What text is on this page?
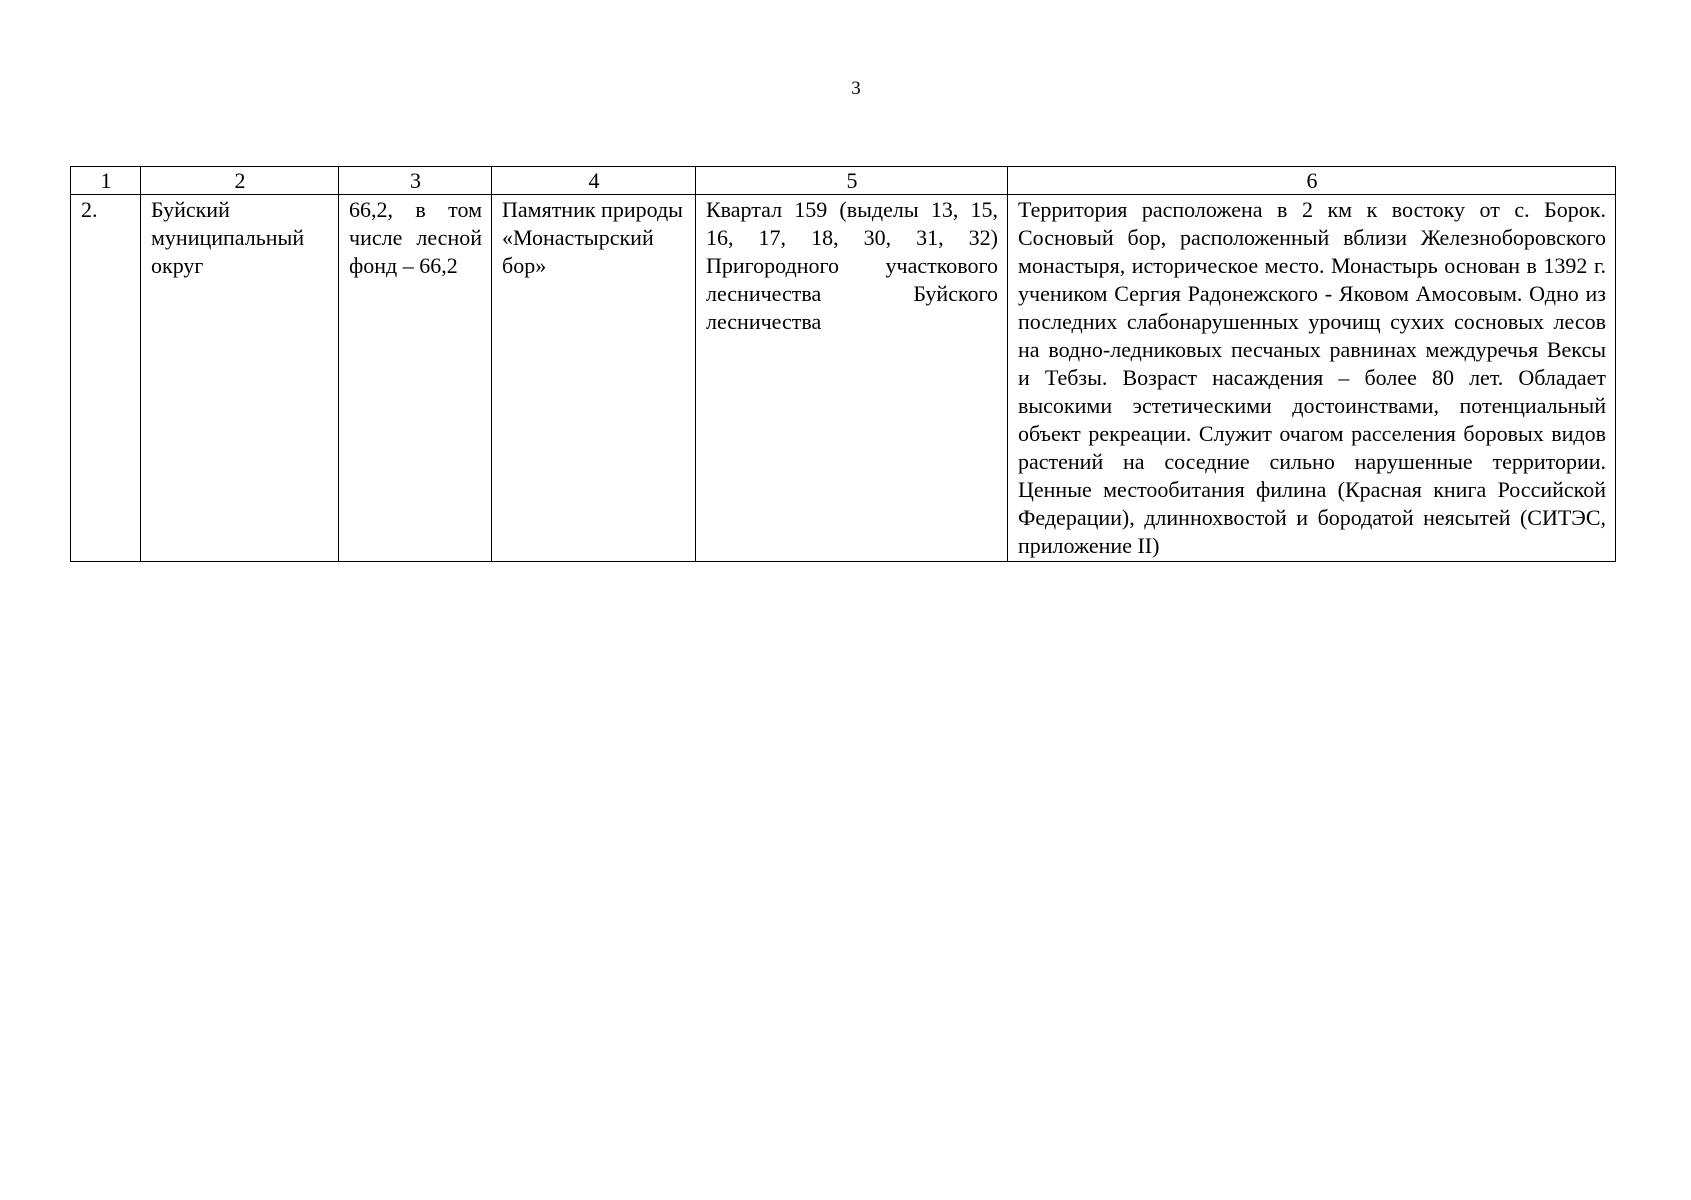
3
1	2	3	4	5	6
2.	Буйский муниципальный округ	66,2, в том числе лесной фонд – 66,2	Памятник природы «Монастырский бор»	Квартал 159 (выделы 13, 15, 16, 17, 18, 30, 31, 32) Пригородного участкового лесничества Буйского лесничества	Территория расположена в 2 км к востоку от с. Борок. Сосновый бор, расположенный вблизи Железноборовского монастыря, историческое место. Монастырь основан в 1392 г. учеником Сергия Радонежского - Яковом Амосовым. Одно из последних слабонарушенных урочищ сухих сосновых лесов на водно-ледниковых песчаных равнинах междуречья Вексы и Тебзы. Возраст насаждения – более 80 лет. Обладает высокими эстетическими достоинствами, потенциальный объект рекреации. Служит очагом расселения боровых видов растений на соседние сильно нарушенные территории. Ценные местообитания филина (Красная книга Российской Федерации), длиннохвостой и бородатой неясытей (СИТЭС, приложение II)
